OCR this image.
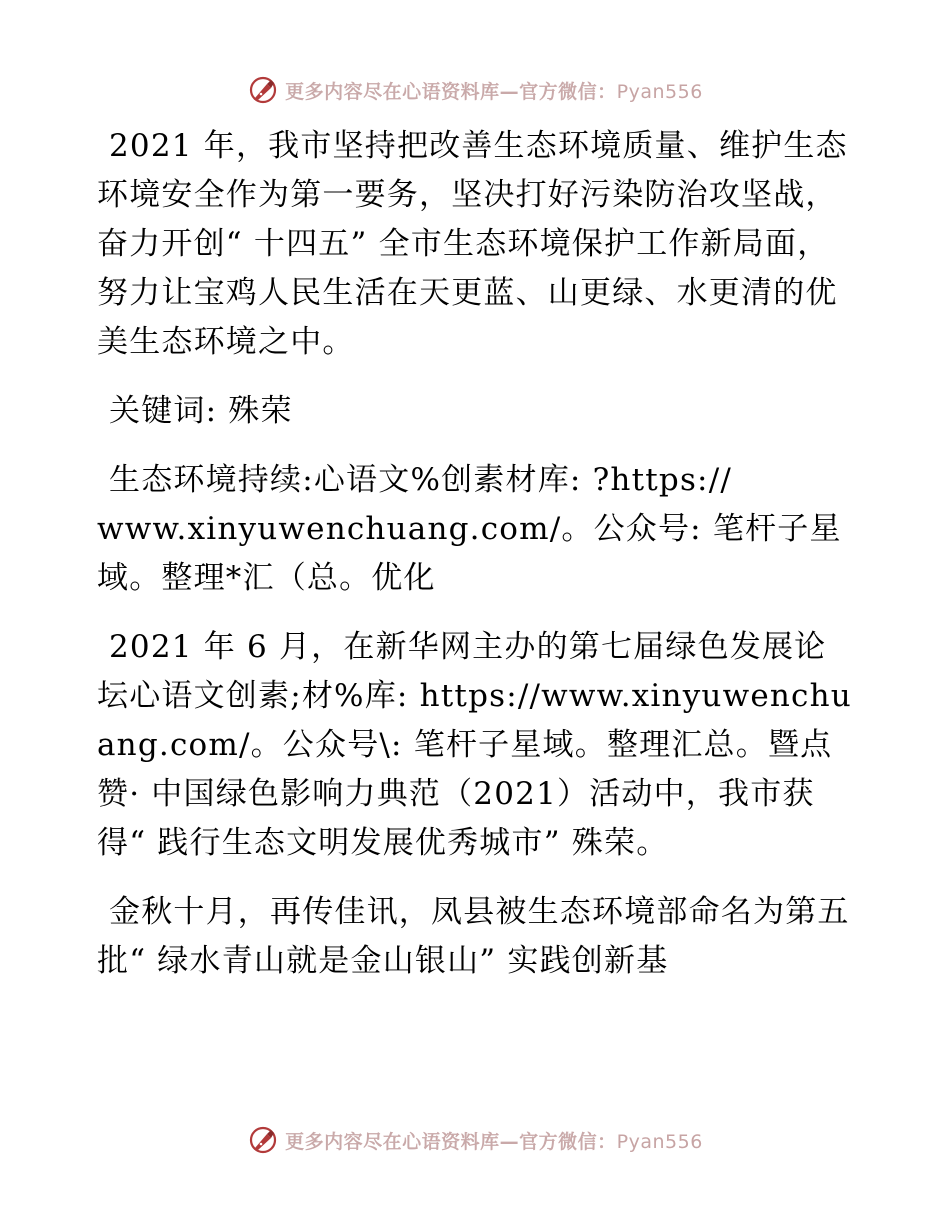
更多内容尽在心语资料库—官方微信：Pyan556

2021 年，我市坚持把改善生态环境质量、维护生态环境安全作为第一要务，坚决打好污染防治攻坚战，奋力开创“ 十四五” 全市生态环境保护工作新局面，努力让宝鸡人民生活在天更蓝、山更绿、水更清的优美生态环境之中。

关键词: 殊荣

生态环境持续:心语文%创素材库: ?https://
www.xinyuwenchuang.com/。公众号: 笔杆子星
域。整理*汇（总。优化

2021 年 6 月，在新华网主办的第七届绿色发展论坛心语文创素;材%库: https://www.xinyuwenchuang.com/。公众号\: 笔杆子星域。整理汇总。暨点赞· 中国绿色影响力典范（2021）活动中，我市获得“ 践行生态文明发展优秀城市” 殊荣。

金秋十月，再传佳讯，凤县被生态环境部命名为第五批“ 绿水青山就是金山银山” 实践创新基

更多内容尽在心语资料库—官方微信：Pyan556
